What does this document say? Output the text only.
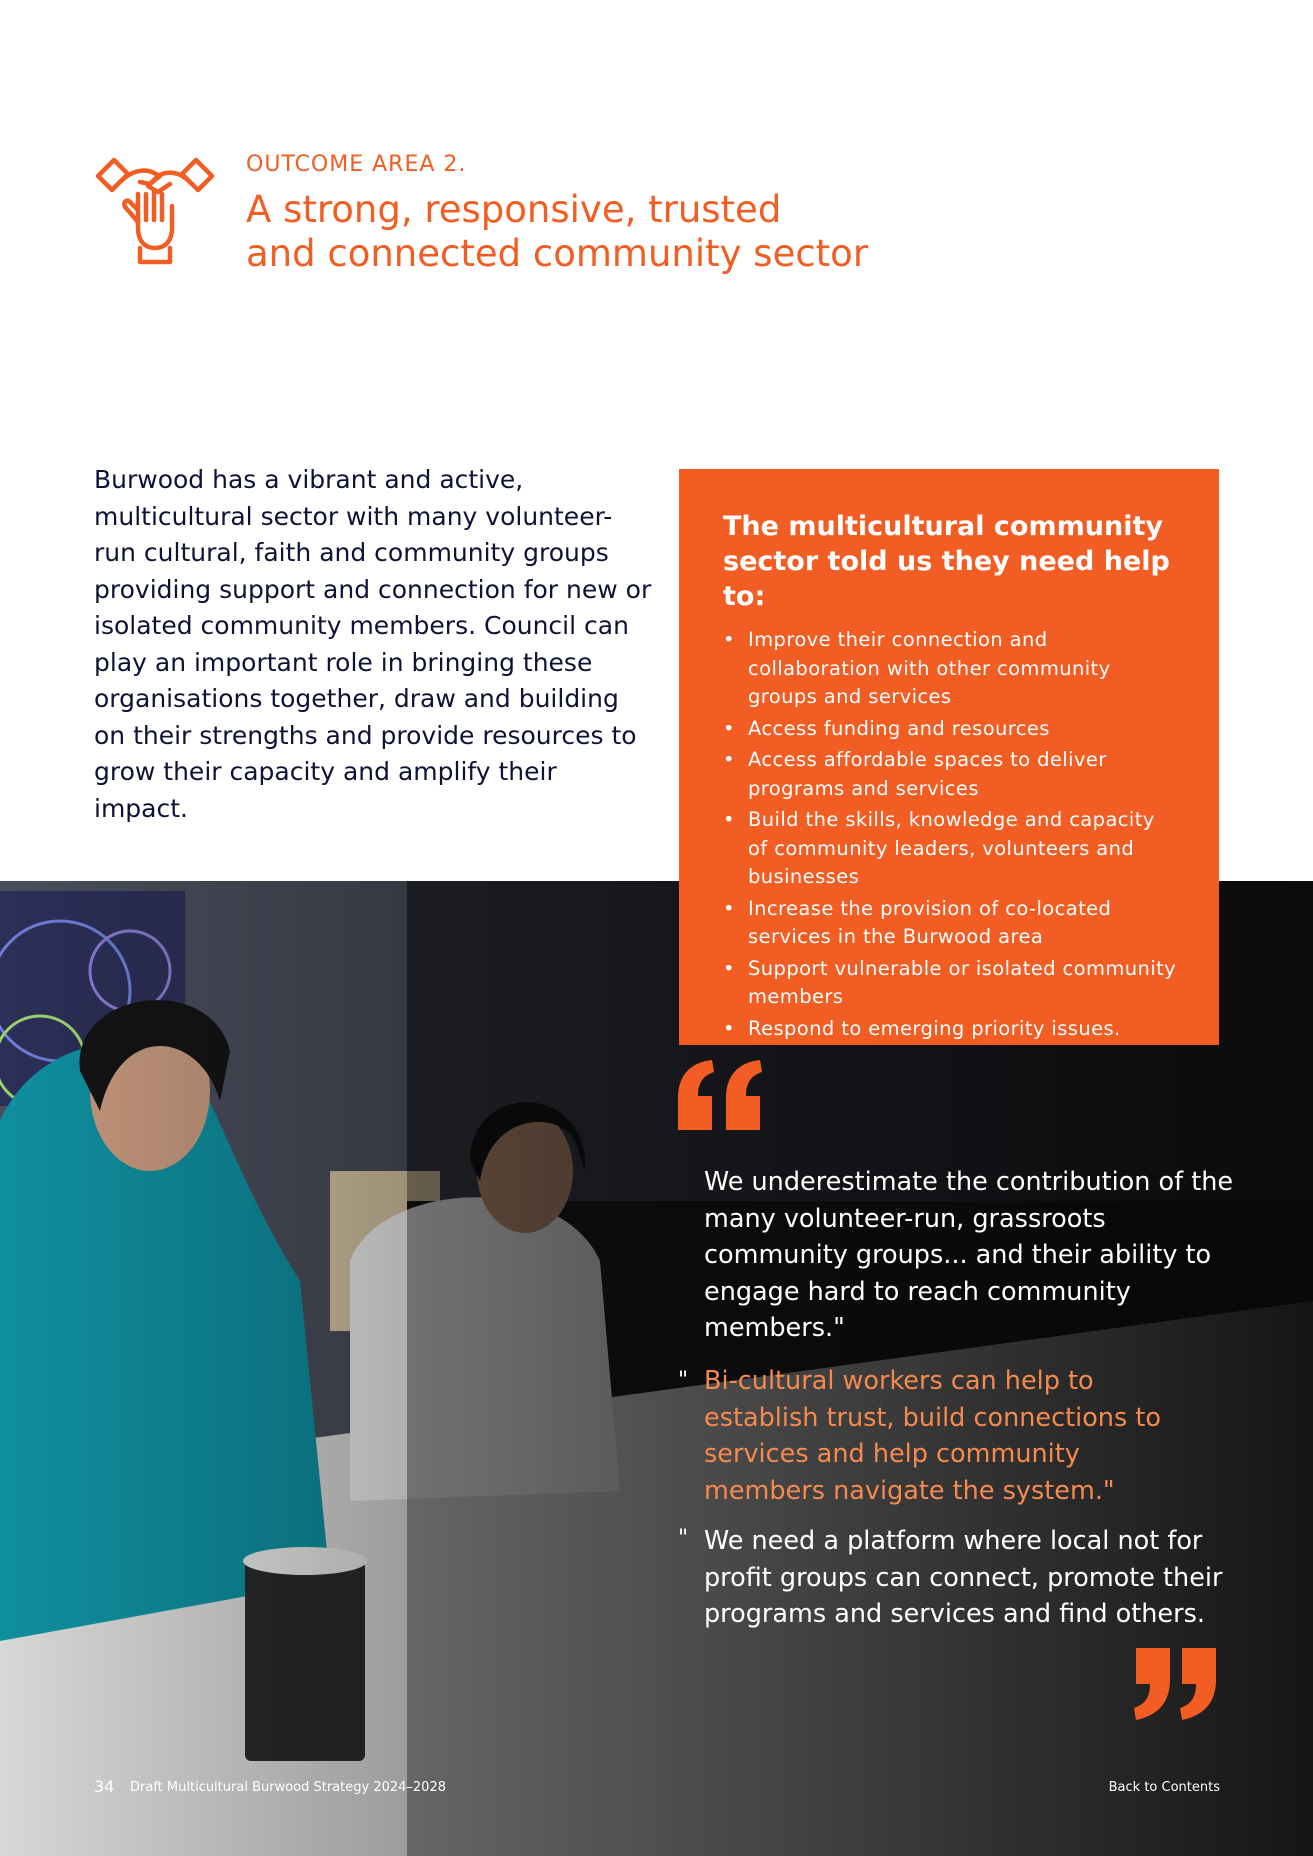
OUTCOME AREA 2.
A strong, responsive, trusted
and connected community sector

Burwood has a vibrant and active, multicultural sector with many volunteer-run cultural, faith and community groups providing support and connection for new or isolated community members. Council can play an important role in bringing these organisations together, draw and building on their strengths and provide resources to grow their capacity and amplify their impact.

The multicultural community sector told us they need help to:
• Improve their connection and collaboration with other community groups and services
• Access funding and resources
• Access affordable spaces to deliver programs and services
• Build the skills, knowledge and capacity of community leaders, volunteers and businesses
• Increase the provision of co-located services in the Burwood area
• Support vulnerable or isolated community members
• Respond to emerging priority issues.

We underestimate the contribution of the many volunteer-run, grassroots community groups... and their ability to engage hard to reach community members."

" Bi-cultural workers can help to establish trust, build connections to services and help community members navigate the system."

" We need a platform where local not for profit groups can connect, promote their programs and services and find others.

34 Draft Multicultural Burwood Strategy 2024–2028	Back to Contents
